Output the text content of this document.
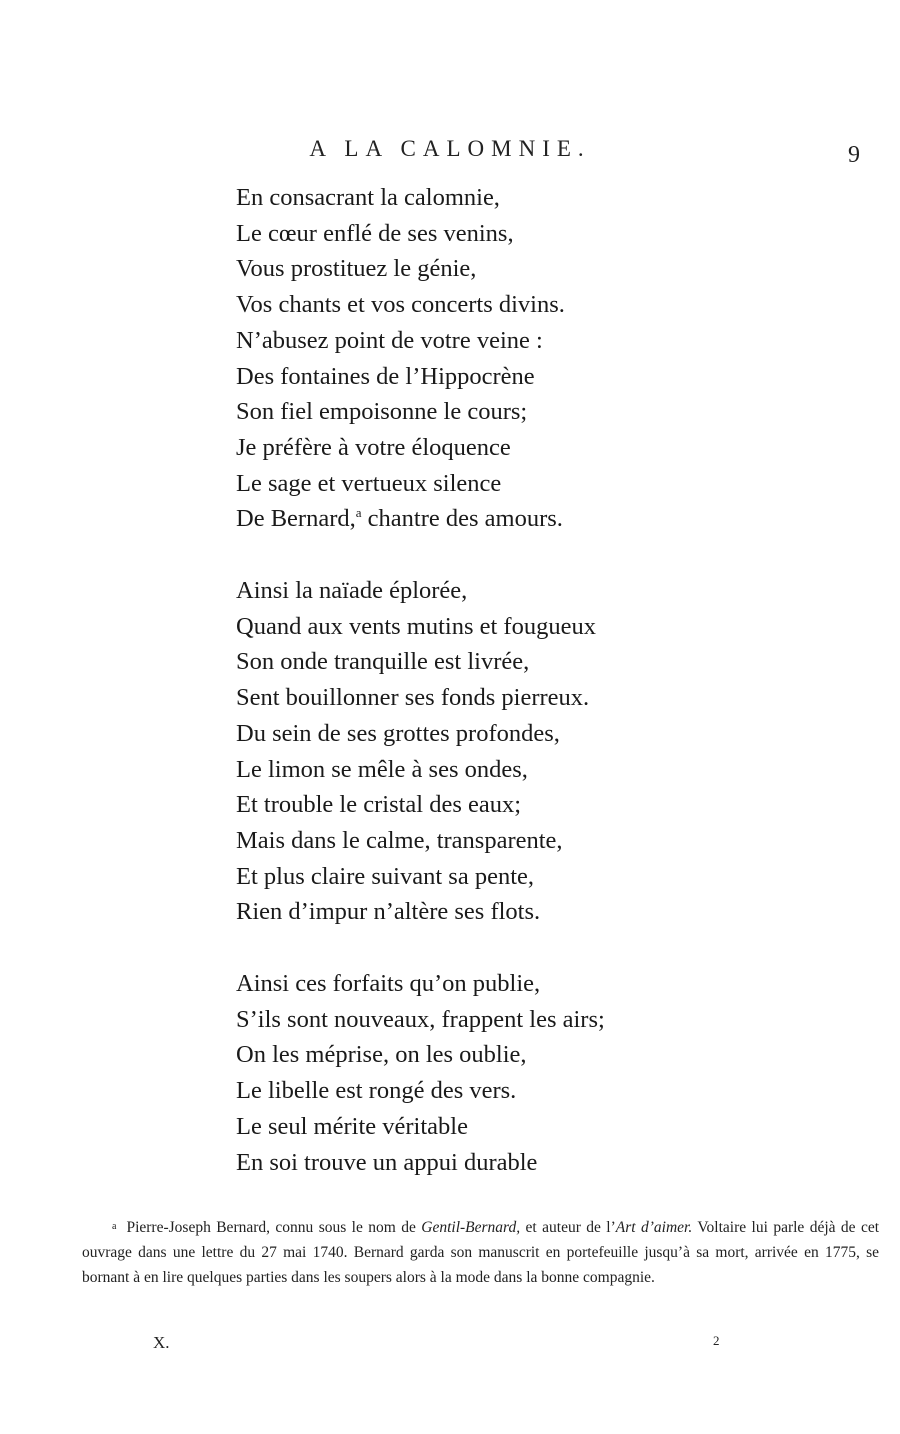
A LA CALOMNIE.	9
En consacrant la calomnie,
Le cœur enflé de ses venins,
Vous prostituez le génie,
Vos chants et vos concerts divins.
N’abusez point de votre veine :
Des fontaines de l’Hippocrène
Son fiel empoisonne le cours;
Je préfère à votre éloquence
Le sage et vertueux silence
De Bernard,$^a$ chantre des amours.
Ainsi la naïade éplorée,
Quand aux vents mutins et fougueux
Son onde tranquille est livrée,
Sent bouillonner ses fonds pierreux.
Du sein de ses grottes profondes,
Le limon se mêle à ses ondes,
Et trouble le cristal des eaux;
Mais dans le calme, transparente,
Et plus claire suivant sa pente,
Rien d’impur n’altère ses flots.
Ainsi ces forfaits qu’on publie,
S’ils sont nouveaux, frappent les airs;
On les méprise, on les oublie,
Le libelle est rongé des vers.
Le seul mérite véritable
En soi trouve un appui durable

a Pierre-Joseph Bernard, connu sous le nom de Gentil-Bernard, et auteur de l’Art d’aimer. Voltaire lui parle déjà de cet ouvrage dans une lettre du 27 mai 1740. Bernard garda son manuscrit en portefeuille jusqu’à sa mort, arrivée en 1775, se bornant à en lire quelques parties dans les soupers alors à la mode dans la bonne compagnie.

X.	2
